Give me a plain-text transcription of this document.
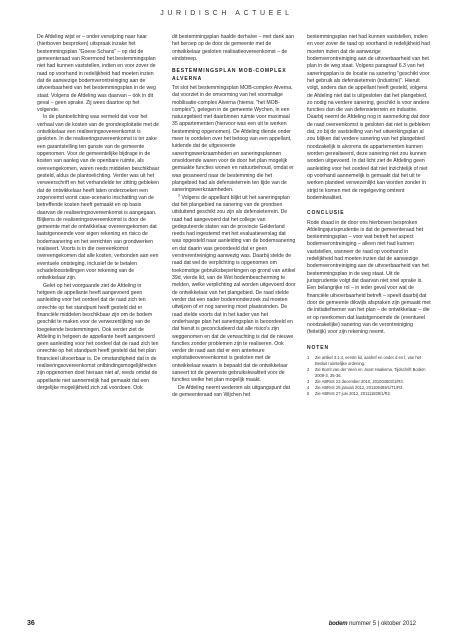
JURIDISCH ACTUEEL

De Afdeling wijst er – onder verwijzing naar haar (hierboven besproken) uitspraak inzake het bestemmingsplan "Goese Schans" – op dat de gemeenteraad van Roermond het bestemmingsplan niet had kunnen vaststellen, indien en voor zover de raad op voorhand in redelijkheid had moeten inzien dat de aanwezige bodemverontreiniging aan de uitvoerbaarheid van het bestemmingsplan in de weg staat. Volgens de Afdeling was daarvan – óók in dit geval – geen sprake. Zij wees daartoe op het volgende.

In de plantoelichting was vermeld dat voor het verhaal van de kosten van de grondexploitatie met de ontwikkelaar een realiseringsovereenkomst is gesloten. In die realiseringsovereenkomst is ter zake een garantstelling ten gunste van de gemeente opgenomen. Voor de gemeentelijke bijdrage in de kosten van aanleg van de openbare ruimte, als overeengekomen, waren reeds middelen beschikbaar gesteld, aldus de plantoelichting. Verder was uit het verweerschrift en het verhandelde ter zitting gebleken dat de ontwikkelaar heeft laten onderzoeken een zogenoemd worst case-scenario inschatting van de betreffende kosten heeft gemaakt en op basis daarvan de realiseringsovereenkomst is aangegaan. Blijkens de realiseringsovereenkomst is door de gemeente met de ontwikkelaar overeengekomen dat laatstgenoemde voor eigen rekening en risico de bodemsanering en het verrichten van grondwerken realiseert. Voorts is in die overeenkomst overeengekomen dat alle kosten, verbonden aan een eventuele ontsteging, inclusief de te betalen schadeloosstellingen voor rekening van de ontwikkelaar zijn.

Gelet op het voorgaande ziet de Afdeling in hetgeen de appellante heeft aangevoerd geen aanleiding voor het oordeel dat de raad zich ten onrechte op het standpunt heeft gesteld dat er financiële middelen beschikbaar zijn om de bodem geschikt te maken voor de verwezenlijking van de toegekende bestemmingen. Ook verder ziet de Afdeling in hetgeen de appellante heeft aangevoerd geen aanleiding voor het oordeel dat de raad zich ten onrechte op het standpunt heeft gesteld dat het plan financieel uitvoerbaar is. De omstandigheid dat in de realiseringsovereenkomst ontbindingsmogelijkheden zijn opgenomen doet hieraan niet af, reeds omdat de appellante niet aannemelijk had gemaakt dat een dergelijke mogelijkheid zich zal voordoen. Ook

dit bestemmingsplan haalde derhalve – met dank aan het beroep op de door de gemeente met de ontwikkelaar gesloten realisatieovereenkomst – de eindstreep.

BESTEMMINGSPLAN MOB-COMPLEX ALVERNA

Tot slot het bestemmingsplan MOB-complex Alverna, dat voorziet in de omvorming van het voormalige mobilisatie-complex Alverna (hierna: "het MOB-complex"), gelegen in de gemeente Wychen, in een natuurgebied met daarbinnen ruimte voor maximaal 35 appartementen (hiervoor was een uit te werken bestemming opgenomen). De Afdeling diende onder meer te oordelen over het betoog van een appellant, luidende dat de uitgevoerde saneringswerkzaamheden en saneringsplannen onvoldoende waren voor de door het plan mogelijk gemaakte functies wonen en natuurbehoud, omdat er was gesaneerd naar de bestemming die het plangebied had als defensieterrein ten tijde van de saneringswerkzaamheden.

$^3$ Volgens de appellant blijkt uit het saneringsplan dat het plangebied na sanering van de grondsen uitsluitend geschikt zou zijn als defensieterrein. De raad had aangevoerd dat het college van gedeputeerde staten van de provincie Gelderland reeds had ingestemd met het evaluatieverslag dat was opgesteld naar aanleiding van de bodemsanering en dat daarin was geoordeeld dat er geen verstrerentreiniging aanwezig was. Daarbij stelde de raad dat wel de verplichting is opgenomen om toekomstige gebruiksbeperkingen op grond van artikel 39d, vierde lid, van de Wet bodembescherming te melden, welke verplichting zal worden uitgevoerd door de ontwikkelaar van het plangebied. De raad stelde verder dat een nader bodemonderzoek zal moeten uitwijzen of er nog sanering moet plaatsvinden. De raad stelde voorts dat in het kader van het onderhavige plan het saneringsplan is beoordeeld en dat hieruit is geconcludeerd dat alle risico's zijn weggenomen en dat de verwachting is dat de nieuwe functies zonder problemen zijn te realiseren. Ook verder de raad aan dat er een anterieure exploitatieovereenkomst is gesloten met de ontwikkelaar waarin is bepaald dat de ontwikkelaar saneert tot de gewenste gebruikskwaliteit voor de functies welke het plan mogelijk maakt.

De Afdeling neemt wederom als uitgangspunt dat de gemeenteraad van Wijchen het

bestemmingsplan niet had kunnen vaststellen, indien en voor zover de raad op voorhand in redelijkheid had moeten inzien dat de aanwezige bodemverontreiniging aan de uitvoerbaarheid van het plan in de weg staat. Volgens paragraaf 6.3 van het saneringsplan is de locatie na sanering "geschikt voor het gebruik als defensieterrein (industrie)". Hieruit volgt, anders dan de appellant heeft gesteld, volgens de Afdeling niet dat is uitgesloten dat het plangebied, zo nodig na verdere sanering, geschikt is voor andere functies dan die van defensieterrein en industrie. Daarbij neemt de Afdeling nog in aanmerking dat door de raad overeenkomst is gesloten dat niet is gebleken dat, zo bij de vaststelling van het uitwerkingsplan al zou blijken dat verdere sanering van het plangebied noodzakelijk is alvorens de appartementen kunnen worden gerealiseerd, deze sanering niet zou kunnen worden uitgevoerd. In dat licht ziet de Afdeling geen aanleiding voor het oordeel dat niet inzichtelijk of niet op voorhand aannemelijk is gemaakt dat het uit te werken plandeel verwezenlijkt kan worden zonder in strijd te komen met de regelgeving omtrent bodemkwaliteit.

CONCLUSIE

Rode draad in de door ons hierboven besproken Afdelingsjurisprudentie is dat de gemeenteraad het bestemmingsplan – voor wat betreft het aspect bodemverontreiniging – alleen niet had kunnen vaststellen, wanneer de raad op voorhand in redelijkheid had moeten inzien dat de aanwezige bodemverontreiniging aan de uitvoerbaarheid van het bestemmingsplan in de weg staat. Uit de jurisprudentie volgt dat daarvan niet snel sprake is. Een belangrijke rol – in ieder geval voor wat de financiële uitvoerbaarheid betreft – speelt daarbij dat door de gemeente dikwijls afspraken zijn gemaakt met de initiatiefnemer van het plan – de ontwikkelaar – die er op neerkomen dat laatstgenoemde de (eventueel noodzakelijke) sanering van de verontreiniging (feitelijk) voor zijn rekening neemt.

NOTEN
1	Zie artikel 3.1.4, eerste lid, aanhef en onder d en f, van het Besluit ruimtelijke ordening.
2	Zie Borrit van der Veen en Joost Haaksma, Tijdschrift Bodem 2009-3, 35-36.
3	Zie ABRvS 22 december 2010, 201004503/1/R3.
4	Zie ABRvS 25 januari 2012, 201106489/1/T1/R3.
5	Zie ABRvS 27 juni 2012, 201111839/1/R2.
36	bodem nummer 5 | oktober 2012
